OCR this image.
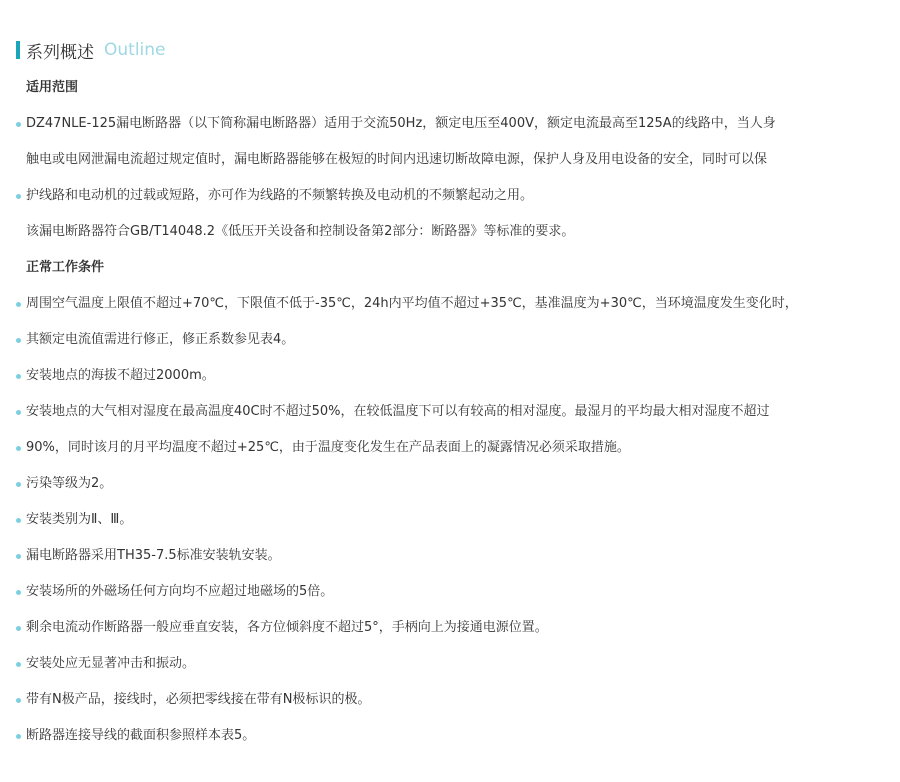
系列概述 Outline
适用范围
DZ47NLE-125漏电断路器（以下简称漏电断路器）适用于交流50Hz，额定电压至400V，额定电流最高至125A的线路中，当人身
触电或电网泄漏电流超过规定值时，漏电断路器能够在极短的时间内迅速切断故障电源，保护人身及用电设备的安全，同时可以保
护线路和电动机的过载或短路，亦可作为线路的不频繁转换及电动机的不频繁起动之用。
该漏电断路器符合GB/T14048.2《低压开关设备和控制设备第2部分：断路器》等标准的要求。
正常工作条件
周围空气温度上限值不超过+70℃，下限值不低于-35℃，24h内平均值不超过+35℃，基准温度为+30℃，当环境温度发生变化时，
其额定电流值需进行修正，修正系数参见表4。
安装地点的海拔不超过2000m。
安装地点的大气相对湿度在最高温度40C时不超过50%，在较低温度下可以有较高的相对湿度。最湿月的平均最大相对湿度不超过
90%，同时该月的月平均温度不超过+25℃，由于温度变化发生在产品表面上的凝露情况必须采取措施。
污染等级为2。
安装类别为Ⅱ、Ⅲ。
漏电断路器采用TH35-7.5标准安装轨安装。
安装场所的外磁场任何方向均不应超过地磁场的5倍。
剩余电流动作断路器一般应垂直安装，各方位倾斜度不超过5°，手柄向上为接通电源位置。
安装处应无显著冲击和振动。
带有N极产品，接线时，必须把零线接在带有N极标识的极。
断路器连接导线的截面积参照样本表5。
